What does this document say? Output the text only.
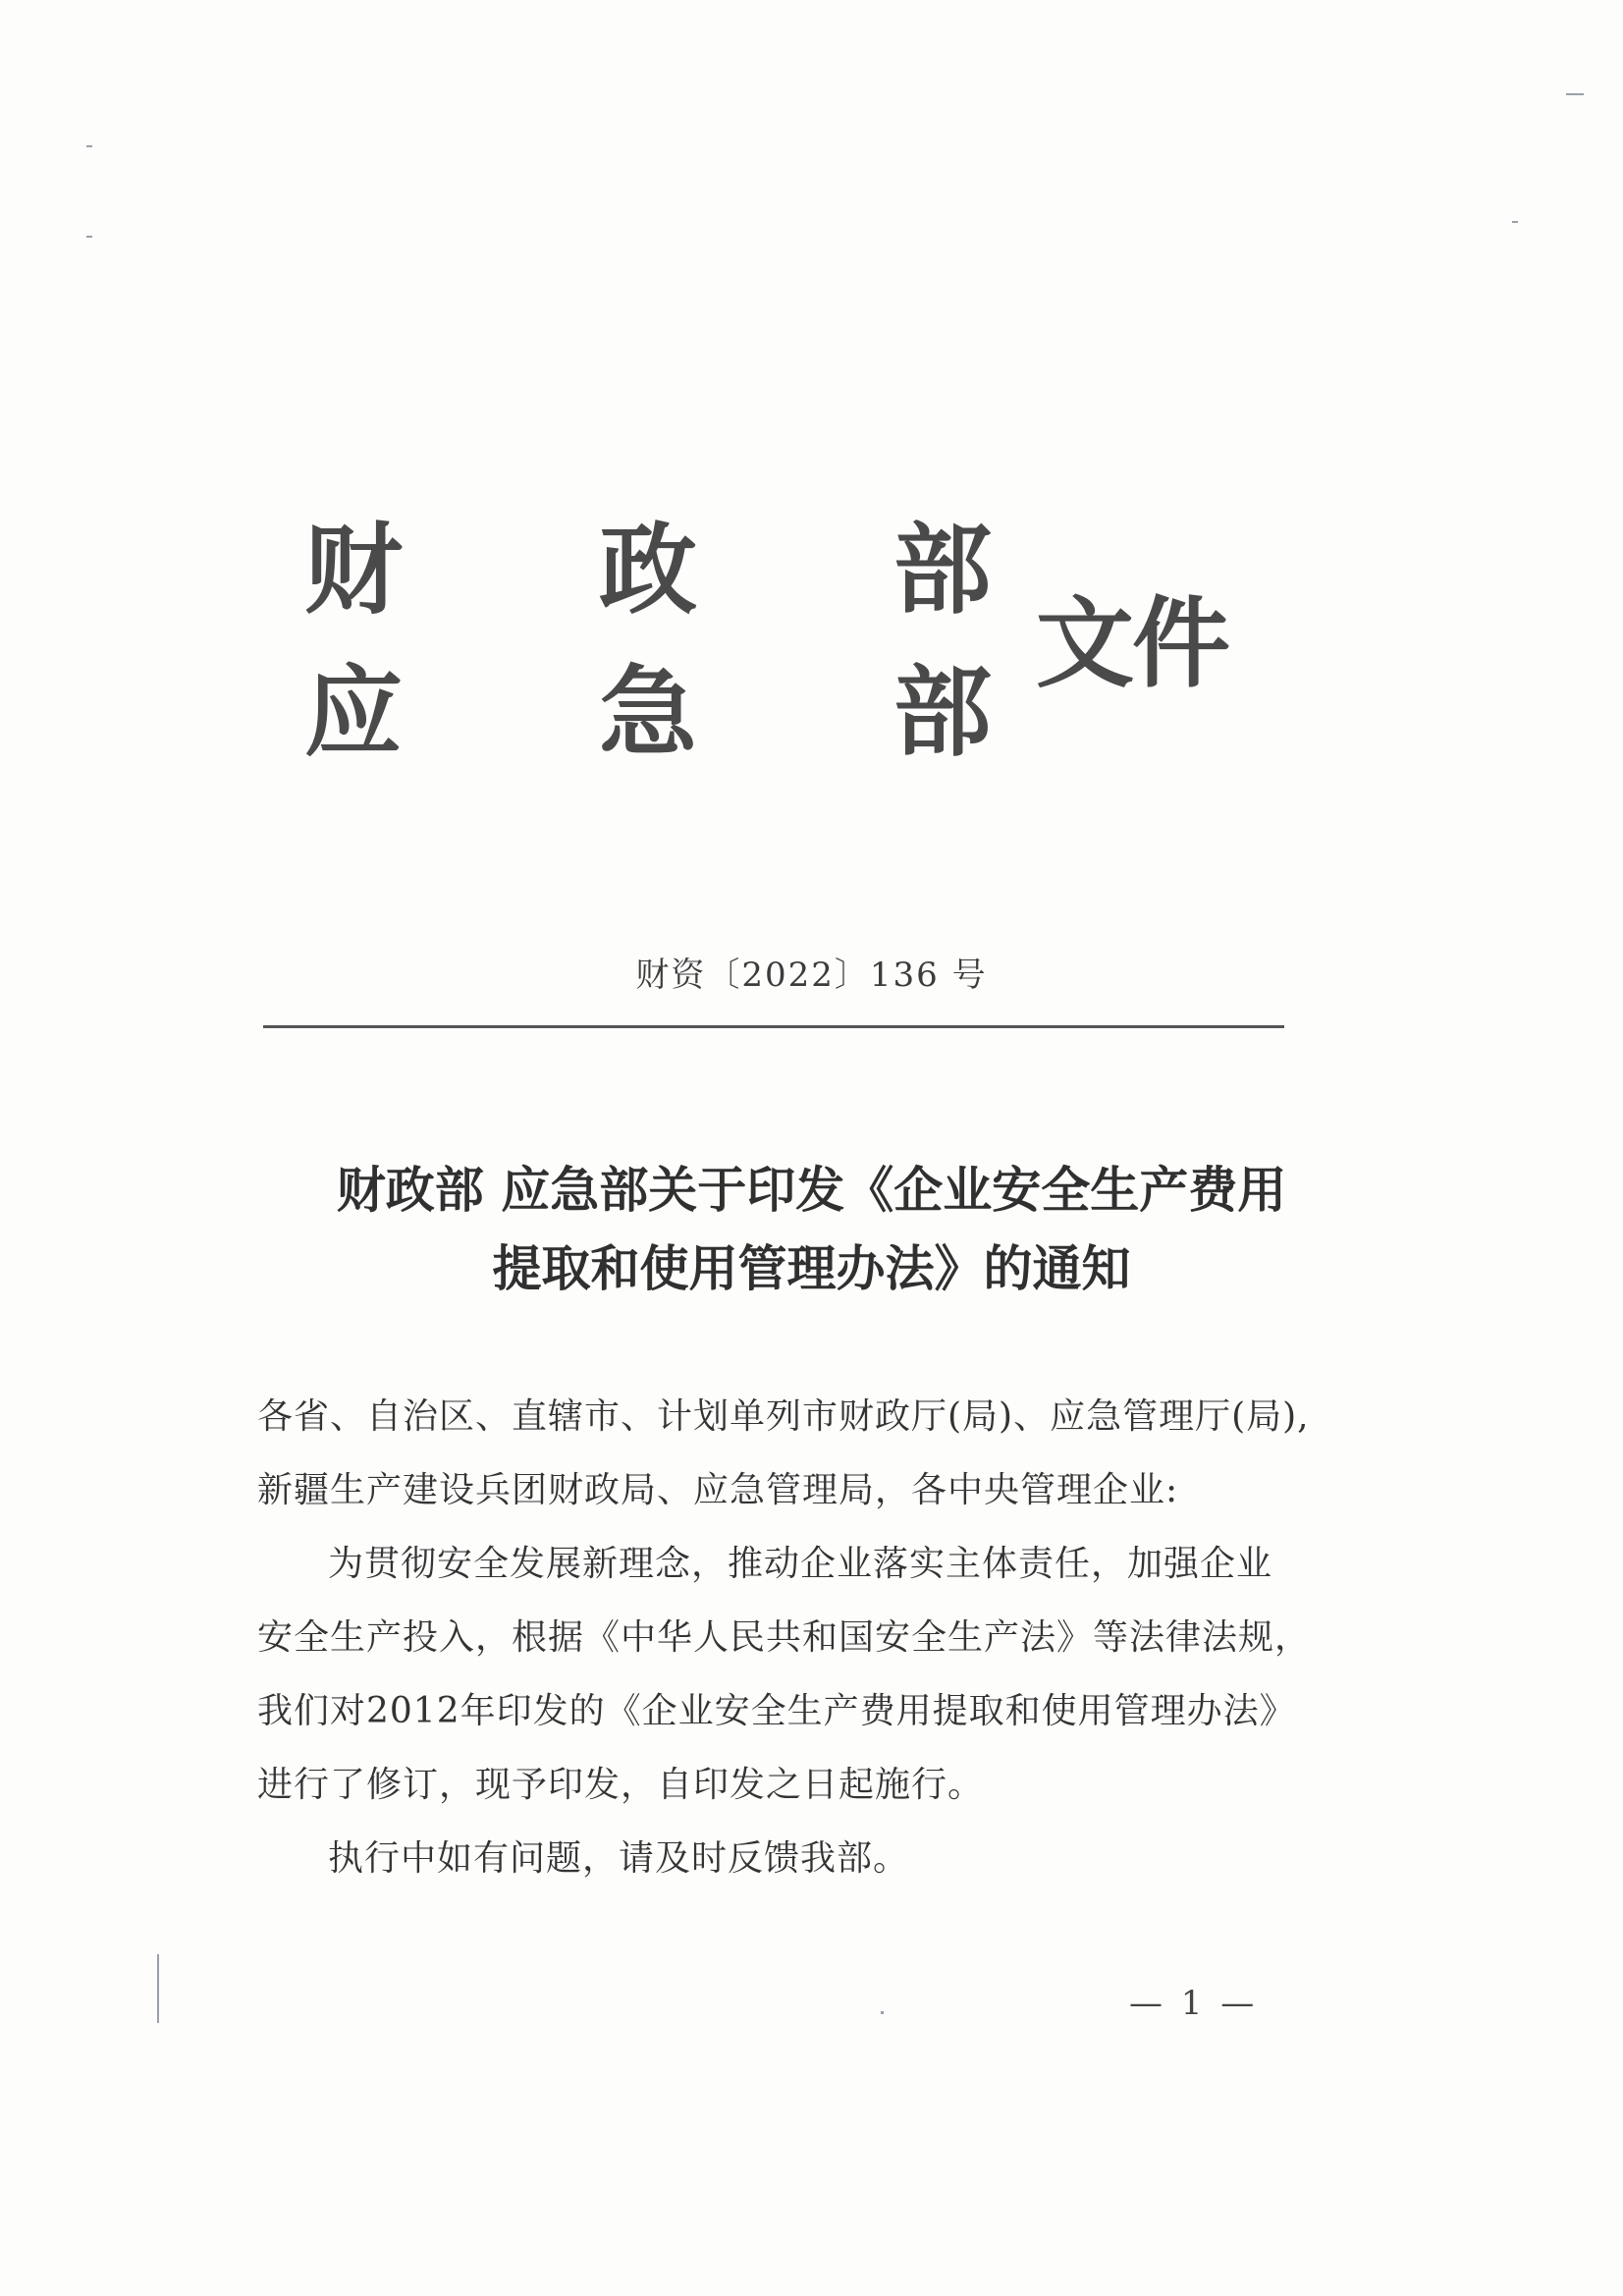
财 政 部
应 急 部
文件
财资〔2022〕136 号
财政部 应急部关于印发《企业安全生产费用
提取和使用管理办法》的通知

各省、自治区、直辖市、计划单列市财政厅(局)、应急管理厅(局),

新疆生产建设兵团财政局、应急管理局，各中央管理企业:

为贯彻安全发展新理念，推动企业落实主体责任，加强企业

安全生产投入，根据《中华人民共和国安全生产法》等法律法规，

我们对2012年印发的《企业安全生产费用提取和使用管理办法》

进行了修订，现予印发，自印发之日起施行。

执行中如有问题，请及时反馈我部。

— 1 —
